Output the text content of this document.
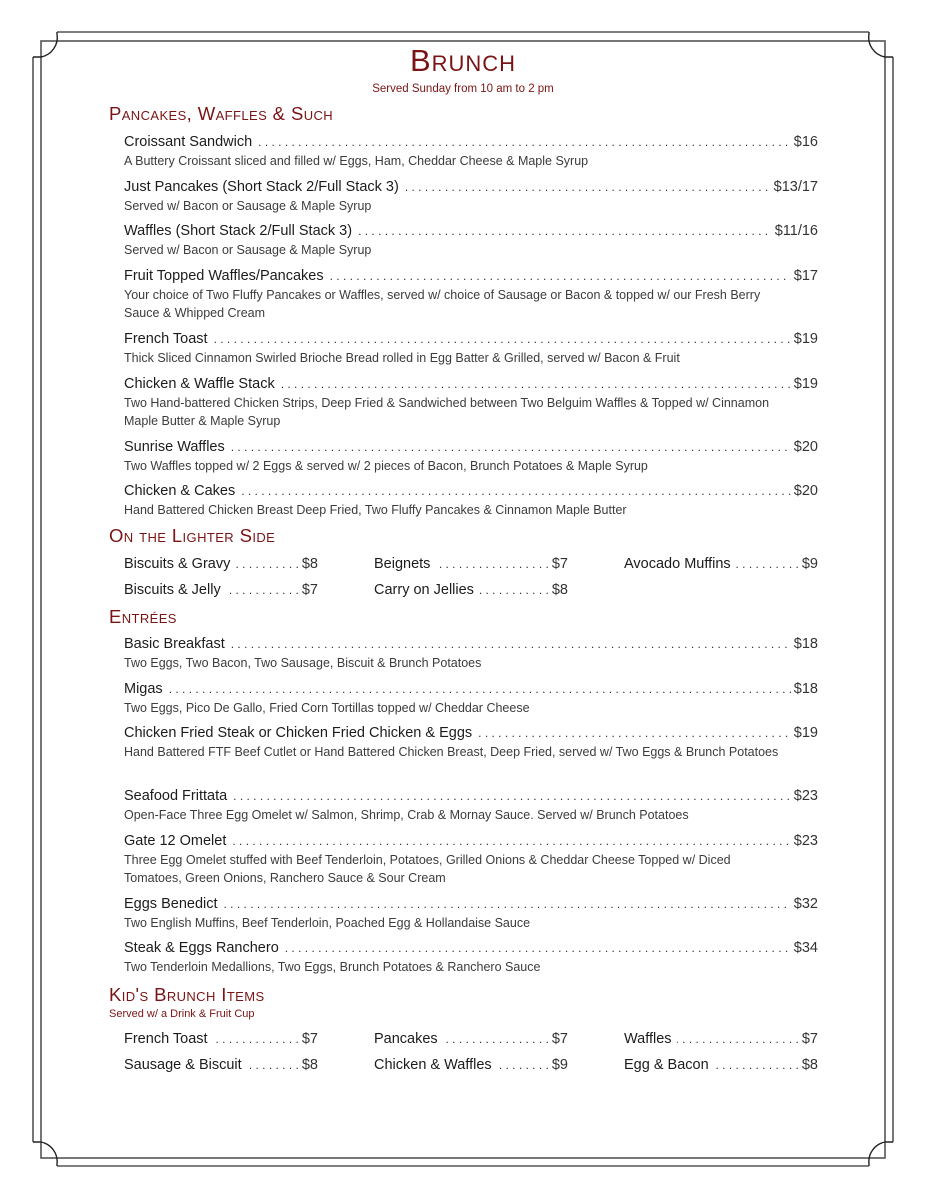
Brunch
Served Sunday from 10 am to 2 pm
Pancakes, Waffles & Such
Croissant Sandwich . . .	$16
A Buttery Croissant sliced and filled w/ Eggs, Ham, Cheddar Cheese & Maple Syrup
Just Pancakes (Short Stack 2/Full Stack 3) . . .	$13/17
Served w/ Bacon or Sausage & Maple Syrup
Waffles (Short Stack 2/Full Stack 3) . . .	$11/16
Served w/ Bacon or Sausage & Maple Syrup
Fruit Topped Waffles/Pancakes . . .	$17
Your choice of Two Fluffy Pancakes or Waffles, served w/ choice of Sausage or Bacon & topped w/ our Fresh Berry Sauce & Whipped Cream
French Toast . . .	$19
Thick Sliced Cinnamon Swirled Brioche Bread rolled in Egg Batter & Grilled, served w/ Bacon & Fruit
Chicken & Waffle Stack . . .	$19
Two Hand-battered Chicken Strips, Deep Fried & Sandwiched between Two Belguim Waffles & Topped w/ Cinnamon Maple Butter & Maple Syrup
Sunrise Waffles . . .	$20
Two Waffles topped w/ 2 Eggs & served w/ 2 pieces of Bacon, Brunch Potatoes & Maple Syrup
Chicken & Cakes . . .	$20
Hand Battered Chicken Breast Deep Fried, Two Fluffy Pancakes & Cinnamon Maple Butter
On the Lighter Side
Biscuits & Gravy . . .	$8	Beignets . . .	$7	Avocado Muffins . . .	$9
Biscuits & Jelly . . .	$7	Carry on Jellies . . .	$8
Entrées
Basic Breakfast . . .	$18
Two Eggs, Two Bacon, Two Sausage, Biscuit & Brunch Potatoes
Migas . . .	$18
Two Eggs, Pico De Gallo, Fried Corn Tortillas topped w/ Cheddar Cheese
Chicken Fried Steak or Chicken Fried Chicken & Eggs . . .	$19
Hand Battered FTF Beef Cutlet or Hand Battered Chicken Breast, Deep Fried, served w/ Two Eggs & Brunch Potatoes
Seafood Frittata . . .	$23
Open-Face Three Egg Omelet w/ Salmon, Shrimp, Crab & Mornay Sauce. Served w/ Brunch Potatoes
Gate 12 Omelet . . .	$23
Three Egg Omelet stuffed with Beef Tenderloin, Potatoes, Grilled Onions & Cheddar Cheese Topped w/ Diced Tomatoes, Green Onions, Ranchero Sauce & Sour Cream
Eggs Benedict . . .	$32
Two English Muffins, Beef Tenderloin, Poached Egg & Hollandaise Sauce
Steak & Eggs Ranchero . . .	$34
Two Tenderloin Medallions, Two Eggs, Brunch Potatoes & Ranchero Sauce
Kid's Brunch Items
Served w/ a Drink & Fruit Cup
French Toast . . .	$7	Pancakes . . .	$7	Waffles . . .	$7
Sausage & Biscuit . . .	$8	Chicken & Waffles . . .	$9	Egg & Bacon . . .	$8
